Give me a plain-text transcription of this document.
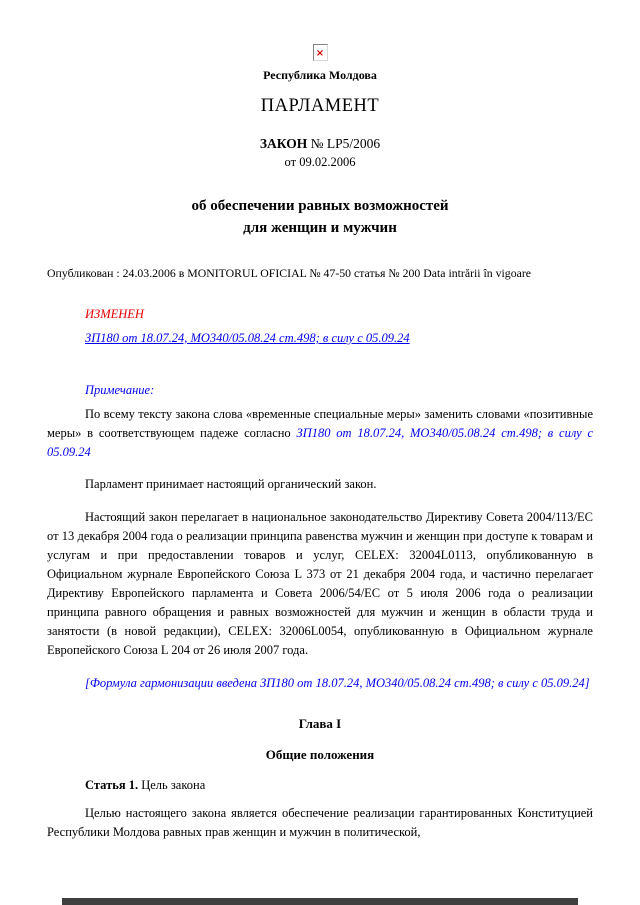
×
Республика Молдова
ПАРЛАМЕНТ
ЗАКОН № LP5/2006
от 09.02.2006
об обеспечении равных возможностей
для женщин и мужчин

Опубликован : 24.03.2006 в MONITORUL OFICIAL № 47-50 статья № 200 Data intrării în vigoare

ИЗМЕНЕН

ЗП180 от 18.07.24, МО340/05.08.24 ст.498; в силу с 05.09.24

Примечание:

По всему тексту закона слова «временные специальные меры» заменить словами «позитивные меры» в соответствующем падеже согласно ЗП180 от 18.07.24, МО340/05.08.24 ст.498; в силу с 05.09.24

Парламент принимает настоящий органический закон.

Настоящий закон перелагает в национальное законодательство Директиву Совета 2004/113/ЕС от 13 декабря 2004 года о реализации принципа равенства мужчин и женщин при доступе к товарам и услугам и при предоставлении товаров и услуг, CELEX: 32004L0113, опубликованную в Официальном журнале Европейского Союза L 373 от 21 декабря 2004 года, и частично перелагает Директиву Европейского парламента и Совета 2006/54/ЕС от 5 июля 2006 года о реализации принципа равного обращения и равных возможностей для мужчин и женщин в области труда и занятости (в новой редакции), CELEX: 32006L0054, опубликованную в Официальном журнале Европейского Союза L 204 от 26 июля 2007 года.

[Формула гармонизации введена ЗП180 от 18.07.24, МО340/05.08.24 ст.498; в силу с 05.09.24]

Глава I
Общие положения

Статья 1. Цель закона

Целью настоящего закона является обеспечение реализации гарантированных Конституцией Республики Молдова равных прав женщин и мужчин в политической,
